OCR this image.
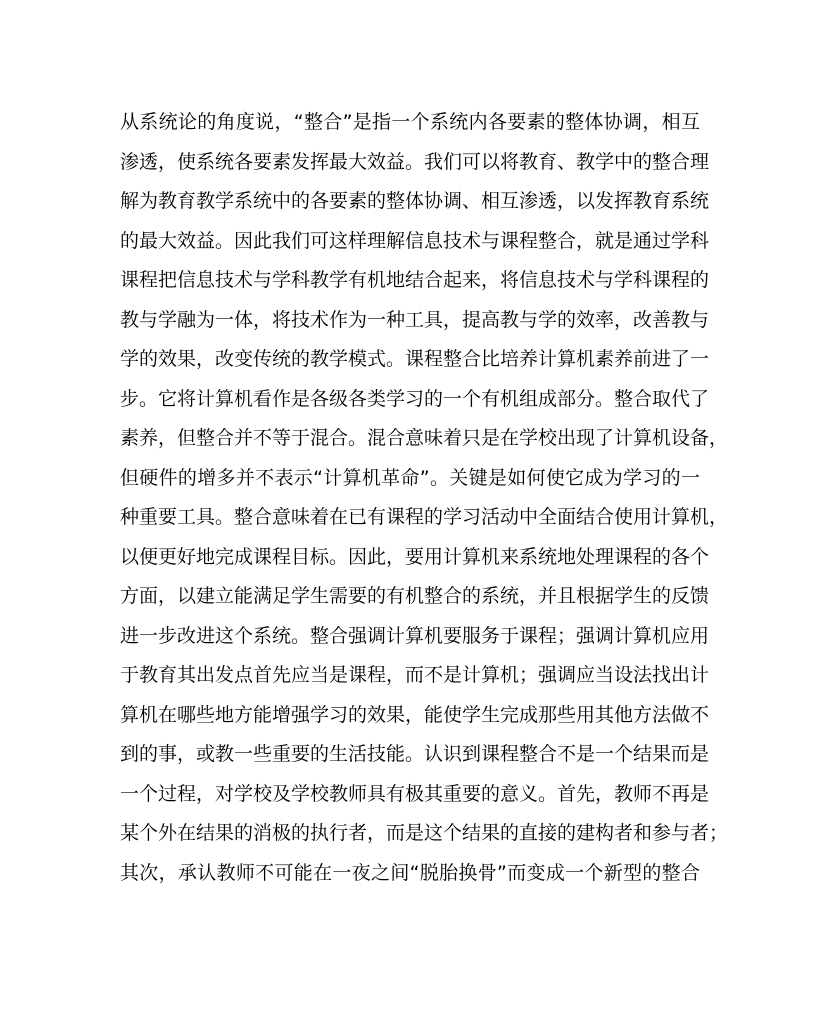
从系统论的角度说，“整合”是指一个系统内各要素的整体协调，相互
渗透，使系统各要素发挥最大效益。我们可以将教育、教学中的整合理
解为教育教学系统中的各要素的整体协调、相互渗透，以发挥教育系统
的最大效益。因此我们可这样理解信息技术与课程整合，就是通过学科
课程把信息技术与学科教学有机地结合起来，将信息技术与学科课程的
教与学融为一体，将技术作为一种工具，提高教与学的效率，改善教与
学的效果，改变传统的教学模式。课程整合比培养计算机素养前进了一
步。它将计算机看作是各级各类学习的一个有机组成部分。整合取代了
素养，但整合并不等于混合。混合意味着只是在学校出现了计算机设备，
但硬件的增多并不表示“计算机革命”。关键是如何使它成为学习的一
种重要工具。整合意味着在已有课程的学习活动中全面结合使用计算机，
以便更好地完成课程目标。因此，要用计算机来系统地处理课程的各个
方面，以建立能满足学生需要的有机整合的系统，并且根据学生的反馈
进一步改进这个系统。整合强调计算机要服务于课程；强调计算机应用
于教育其出发点首先应当是课程，而不是计算机；强调应当设法找出计
算机在哪些地方能增强学习的效果，能使学生完成那些用其他方法做不
到的事，或教一些重要的生活技能。认识到课程整合不是一个结果而是
一个过程，对学校及学校教师具有极其重要的意义。首先，教师不再是
某个外在结果的消极的执行者，而是这个结果的直接的建构者和参与者；
其次，承认教师不可能在一夜之间“脱胎换骨”而变成一个新型的整合
